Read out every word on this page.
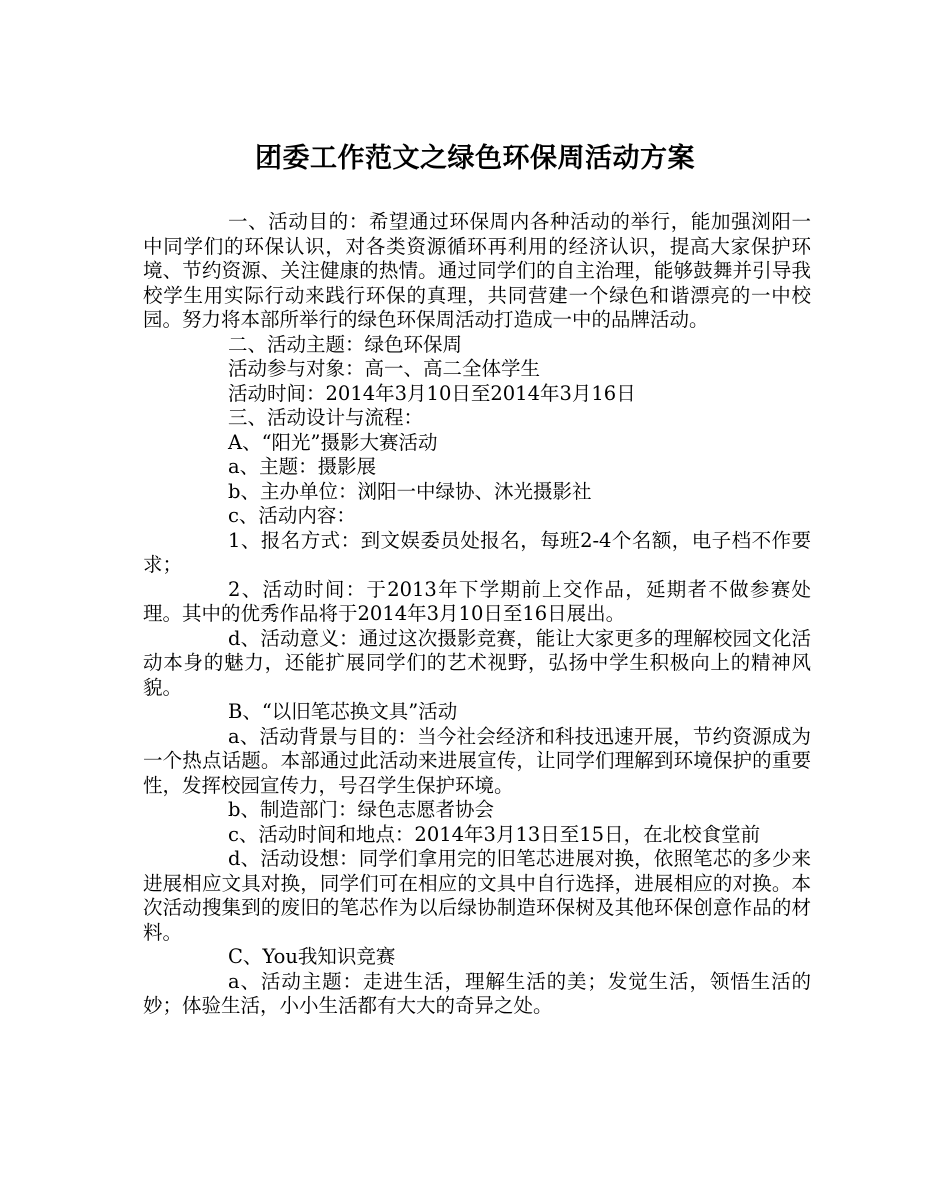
团委工作范文之绿色环保周活动方案

一、活动目的：希望通过环保周内各种活动的举行，能加强浏阳一中同学们的环保认识，对各类资源循环再利用的经济认识，提高大家保护环境、节约资源、关注健康的热情。通过同学们的自主治理，能够鼓舞并引导我校学生用实际行动来践行环保的真理，共同营建一个绿色和谐漂亮的一中校园。努力将本部所举行的绿色环保周活动打造成一中的品牌活动。

二、活动主题：绿色环保周

活动参与对象：高一、高二全体学生

活动时间：2014年3月10日至2014年3月16日

三、活动设计与流程：

A、“阳光”摄影大赛活动

a、主题：摄影展

b、主办单位：浏阳一中绿协、沐光摄影社

c、活动内容：

1、报名方式：到文娱委员处报名，每班2-4个名额，电子档不作要求；

2、活动时间：于2013年下学期前上交作品，延期者不做参赛处理。其中的优秀作品将于2014年3月10日至16日展出。

d、活动意义：通过这次摄影竞赛，能让大家更多的理解校园文化活动本身的魅力，还能扩展同学们的艺术视野，弘扬中学生积极向上的精神风貌。

B、“以旧笔芯换文具”活动

a、活动背景与目的：当今社会经济和科技迅速开展，节约资源成为一个热点话题。本部通过此活动来进展宣传，让同学们理解到环境保护的重要性，发挥校园宣传力，号召学生保护环境。

b、制造部门：绿色志愿者协会

c、活动时间和地点：2014年3月13日至15日，在北校食堂前

d、活动设想：同学们拿用完的旧笔芯进展对换，依照笔芯的多少来进展相应文具对换，同学们可在相应的文具中自行选择，进展相应的对换。本次活动搜集到的废旧的笔芯作为以后绿协制造环保树及其他环保创意作品的材料。

C、You我知识竞赛

a、活动主题：走进生活，理解生活的美；发觉生活，领悟生活的妙；体验生活，小小生活都有大大的奇异之处。
